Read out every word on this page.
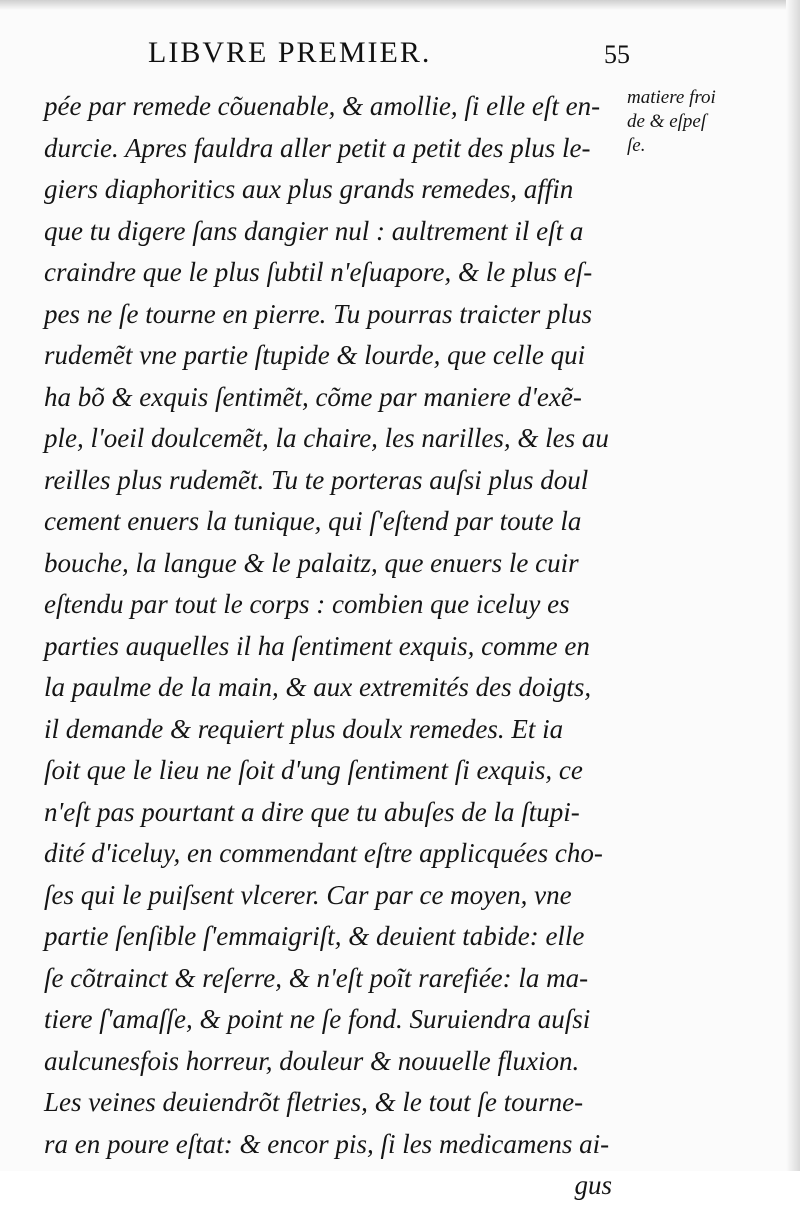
LIBVRE PREMIER.	55
pée par remede cõuenable, & amollie, ſi elle eſt en-
durcie. Apres fauldra aller petit a petit des plus le-
giers diaphoritics aux plus grands remedes, affin
que tu digere ſans dangier nul : aultrement il eſt a
craindre que le plus ſubtil n'eſuapore, & le plus eſ-
pes ne ſe tourne en pierre. Tu pourras traicter plus
rudemẽt vne partie ſtupide & lourde, que celle qui
ha bõ & exquis ſentimẽt, cõme par maniere d'exẽ-
ple, l'oeil doulcemẽt, la chaire, les narilles, & les au
reilles plus rudemẽt. Tu te porteras auſsi plus doul
cement enuers la tunique, qui ſ'eſtend par toute la
bouche, la langue & le palaitz, que enuers le cuir
eſtendu par tout le corps : combien que iceluy es
parties auquelles il ha ſentiment exquis, comme en
la paulme de la main, & aux extremités des doigts,
il demande & requiert plus doulx remedes. Et ia
ſoit que le lieu ne ſoit d'ung ſentiment ſi exquis, ce
n'eſt pas pourtant a dire que tu abuſes de la ſtupi-
dité d'iceluy, en commendant eſtre applicquées cho-
ſes qui le puiſsent vlcerer. Car par ce moyen, vne
partie ſenſible ſ'emmaigriſt, & deuient tabide: elle
ſe cõtrainct & reſerre, & n'eſt poĩt rarefiée: la ma-
tiere ſ'amaſſe, & point ne ſe fond. Suruiendra auſsi
aulcunesfois horreur, douleur & nouuelle fluxion.
Les veines deuiendrõt fletries, & le tout ſe tourne-
ra en poure eſtat: & encor pis, ſi les medicamens ai-
gus
matiere froi
de & eſpeſ
ſe.
